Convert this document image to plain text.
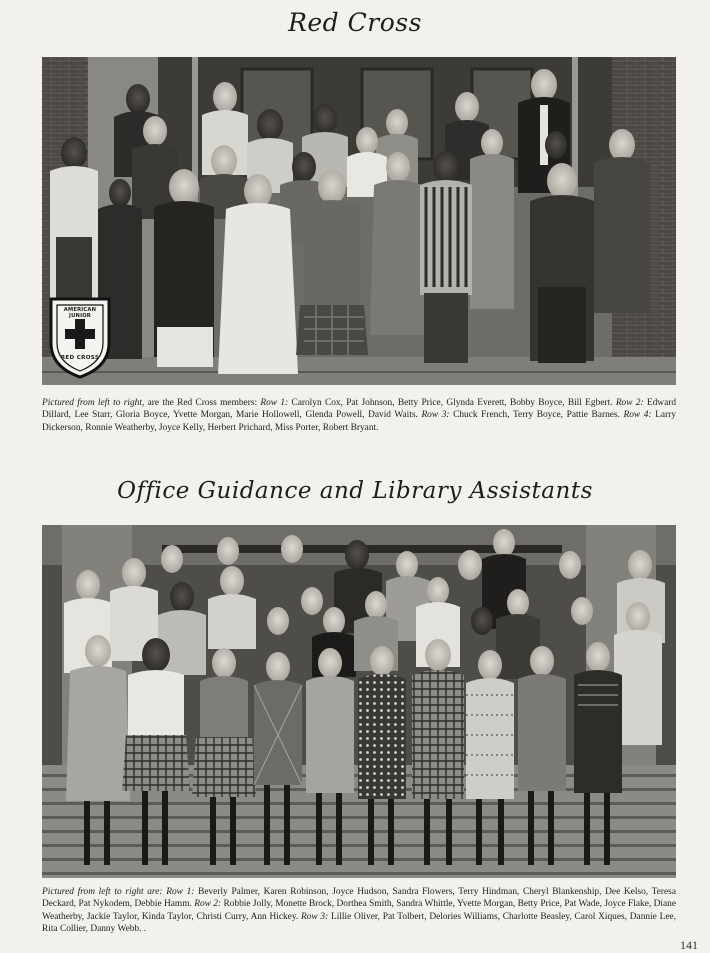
Red Cross
AMERICAN JUNIOR
RED CROSS

Pictured from left to right, are the Red Cross members: Row 1: Carolyn Cox, Pat Johnson, Betty Price, Glynda Everett, Bobby Boyce, Bill Egbert. Row 2: Edward Dillard, Lee Starr, Gloria Boyce, Yvette Morgan, Marie Hollowell, Glenda Powell, David Waits. Row 3: Chuck French, Terry Boyce, Pattie Barnes. Row 4: Larry Dickerson, Ronnie Weatherby, Joyce Kelly, Herbert Prichard, Miss Porter, Robert Bryant.

Office Guidance and Library Assistants

Pictured from left to right are: Row 1: Beverly Palmer, Karen Robinson, Joyce Hudson, Sandra Flowers, Terry Hindman, Cheryl Blankenship, Dee Kelso, Teresa Deckard, Pat Nykodem, Debbie Hamm. Row 2: Robbie Jolly, Monette Brock, Dorthea Smith, Sandra Whittle, Yvette Morgan, Betty Price, Pat Wade, Joyce Flake, Diane Weatherby, Jackie Taylor, Kinda Taylor, Christi Curry, Ann Hickey. Row 3: Lillie Oliver, Pat Tolbert, Delories Williams, Charlotte Beasley, Carol Xiques, Dannie Lee, Rita Collier, Danny Webb. .

141
